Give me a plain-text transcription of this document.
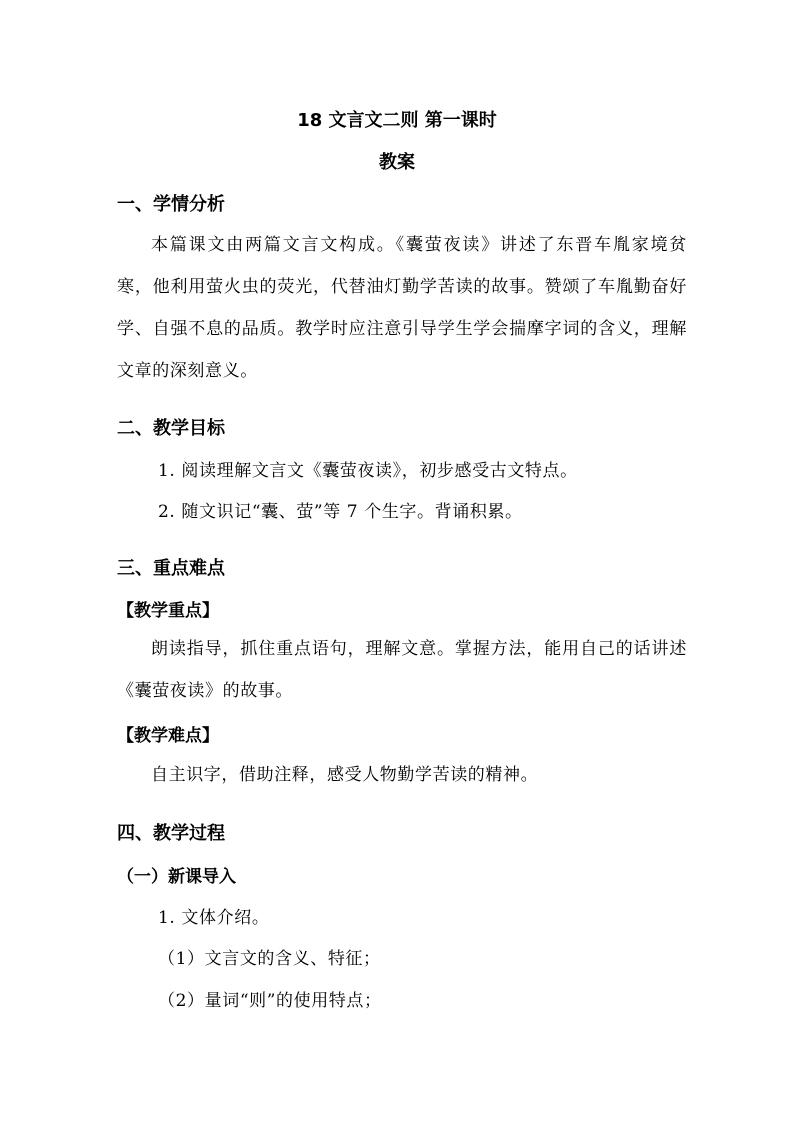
18 文言文二则 第一课时
教案
一、学情分析
本篇课文由两篇文言文构成。《囊萤夜读》讲述了东晋车胤家境贫寒，他利用萤火虫的荧光，代替油灯勤学苦读的故事。赞颂了车胤勤奋好学、自强不息的品质。教学时应注意引导学生学会揣摩字词的含义，理解文章的深刻意义。
二、教学目标
1. 阅读理解文言文《囊萤夜读》，初步感受古文特点。
2. 随文识记“囊、萤”等 7 个生字。背诵积累。
三、重点难点
【教学重点】
朗读指导，抓住重点语句，理解文意。掌握方法，能用自己的话讲述《囊萤夜读》的故事。
【教学难点】
自主识字，借助注释，感受人物勤学苦读的精神。
四、教学过程
（一）新课导入
1. 文体介绍。
（1）文言文的含义、特征；
（2）量词“则”的使用特点；
